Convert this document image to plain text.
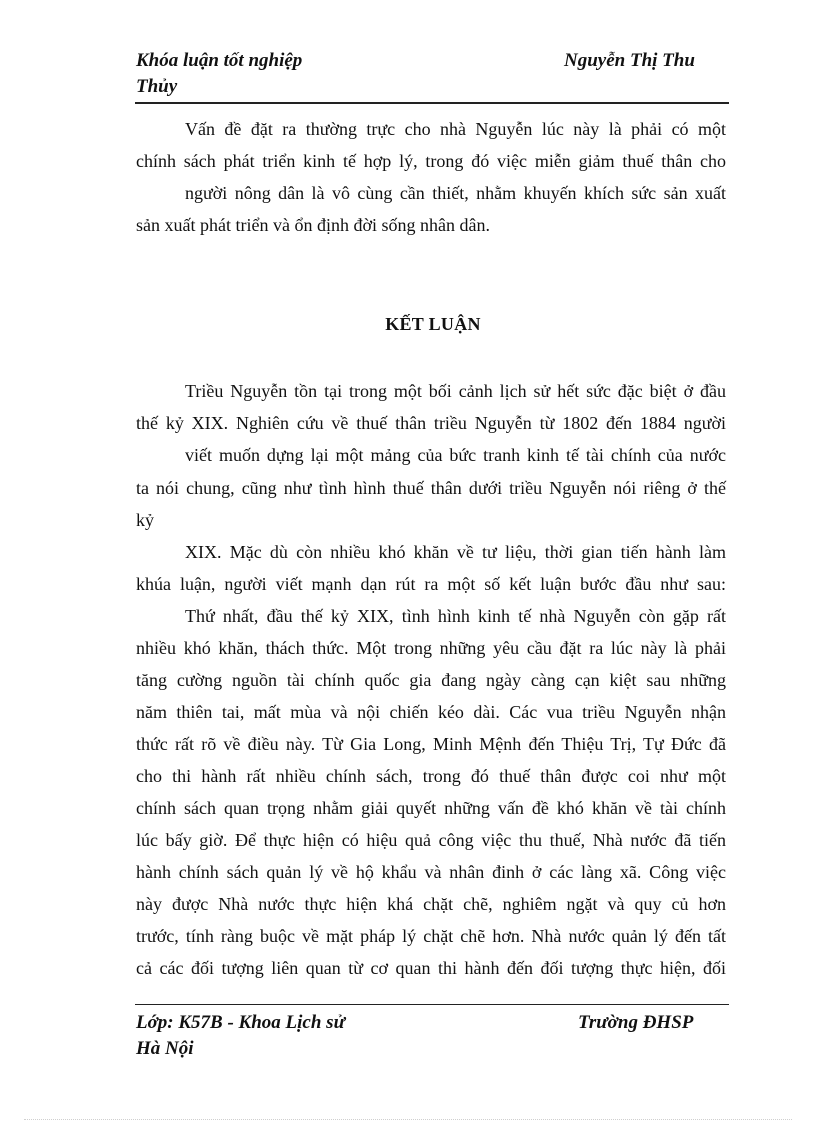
Khóa luận tốt nghiệp
Thủy
Nguyễn Thị Thu
Vấn đề đặt ra thường trực cho nhà Nguyễn lúc này là phải có một
chính sách phát triển kinh tế hợp lý, trong đó việc miễn giảm thuế thân cho
người nông dân là vô cùng cần thiết, nhằm khuyến khích sức sản xuất
sản xuất phát triển và ổn định đời sống nhân dân.
KẾT LUẬN
Triều Nguyễn tồn tại trong một bối cảnh lịch sử hết sức đặc biệt ở đầu
thế kỷ XIX. Nghiên cứu về thuế thân triều Nguyễn từ 1802 đến 1884 người
viết muốn dựng lại một mảng của bức tranh kinh tế tài chính của nước
ta nói chung, cũng như tình hình thuế thân dưới triều Nguyễn nói riêng ở thế
kỷ
XIX. Mặc dù còn nhiều khó khăn về tư liệu, thời gian tiến hành làm
khúa luận, người viết mạnh dạn rút ra một số kết luận bước đầu như sau:
Thứ nhất, đầu thế kỷ XIX, tình hình kinh tế nhà Nguyễn còn gặp rất
nhiều khó khăn, thách thức. Một trong những yêu cầu đặt ra lúc này là phải
tăng cường nguồn tài chính quốc gia đang ngày càng cạn kiệt sau những
năm thiên tai, mất mùa và nội chiến kéo dài. Các vua triều Nguyễn nhận
thức rất rõ về điều này. Từ Gia Long, Minh Mệnh đến Thiệu Trị, Tự Đức đã
cho thi hành rất nhiều chính sách, trong đó thuế thân được coi như một
chính sách quan trọng nhằm giải quyết những vấn đề khó khăn về tài chính
lúc bấy giờ. Để thực hiện có hiệu quả công việc thu thuế, Nhà nước đã tiến
hành chính sách quản lý về hộ khẩu và nhân đinh ở các làng xã. Công việc
này được Nhà nước thực hiện khá chặt chẽ, nghiêm ngặt và quy củ hơn
trước, tính ràng buộc về mặt pháp lý chặt chẽ hơn. Nhà nước quản lý đến tất
cả các đối tượng liên quan từ cơ quan thi hành đến đối tượng thực hiện, đối
Lớp: K57B - Khoa Lịch sử	Trường ĐHSP
Hà Nội
